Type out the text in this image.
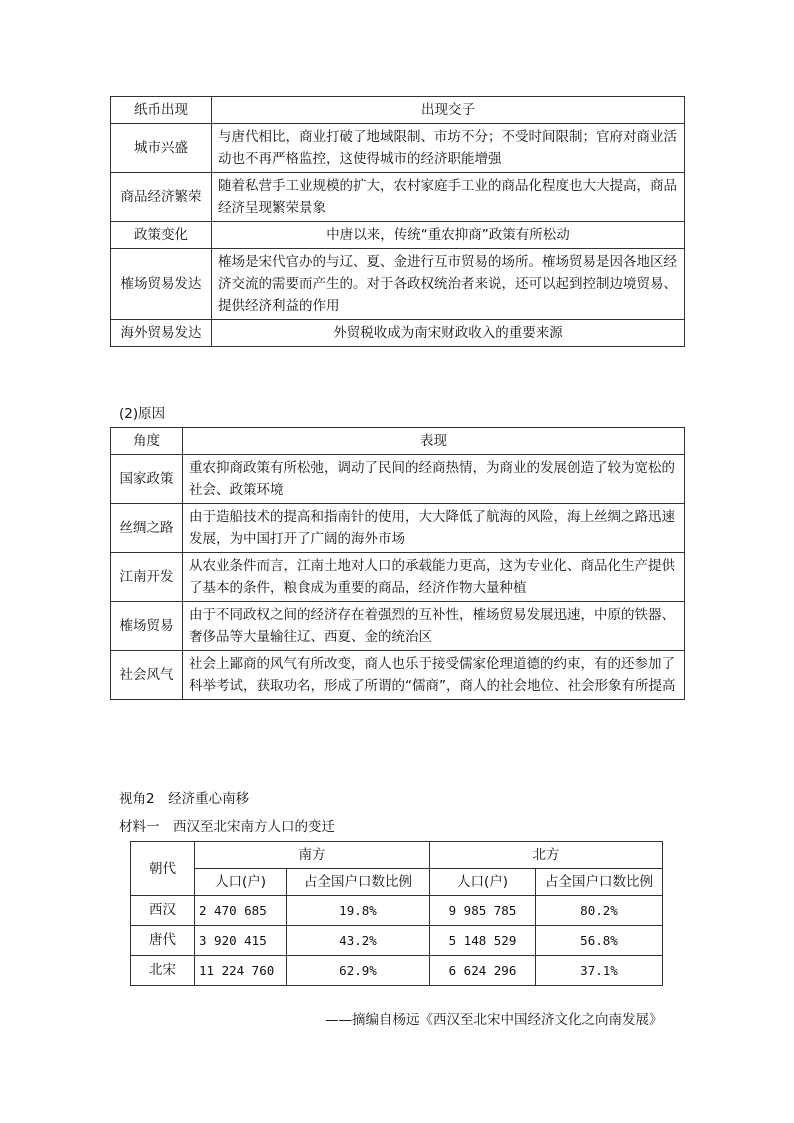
纸币出现	出现交子
城市兴盛	与唐代相比，商业打破了地域限制、市坊不分；不受时间限制；官府对商业活动也不再严格监控，这使得城市的经济职能增强
商品经济繁荣	随着私营手工业规模的扩大，农村家庭手工业的商品化程度也大大提高，商品经济呈现繁荣景象
政策变化	中唐以来，传统“重农抑商”政策有所松动
榷场贸易发达	榷场是宋代官办的与辽、夏、金进行互市贸易的场所。榷场贸易是因各地区经济交流的需要而产生的。对于各政权统治者来说，还可以起到控制边境贸易、提供经济利益的作用
海外贸易发达	外贸税收成为南宋财政收入的重要来源

(2)原因

角度	表现
国家政策	重农抑商政策有所松弛，调动了民间的经商热情，为商业的发展创造了较为宽松的社会、政策环境
丝绸之路	由于造船技术的提高和指南针的使用，大大降低了航海的风险，海上丝绸之路迅速发展，为中国打开了广阔的海外市场
江南开发	从农业条件而言，江南土地对人口的承载能力更高，这为专业化、商品化生产提供了基本的条件，粮食成为重要的商品，经济作物大量种植
榷场贸易	由于不同政权之间的经济存在着强烈的互补性，榷场贸易发展迅速，中原的铁器、奢侈品等大量输往辽、西夏、金的统治区
社会风气	社会上鄙商的风气有所改变，商人也乐于接受儒家伦理道德的约束，有的还参加了科举考试，获取功名，形成了所谓的“儒商”，商人的社会地位、社会形象有所提高

视角2　经济重心南移

材料一　西汉至北宋南方人口的变迁

朝代	南方		北方	
	人口(户)	占全国户口数比例	人口(户)	占全国户口数比例
西汉	2 470 685	19.8%	9 985 785	80.2%
唐代	3 920 415	43.2%	5 148 529	56.8%
北宋	11 224 760	62.9%	6 624 296	37.1%

——摘编自杨远《西汉至北宋中国经济文化之向南发展》
